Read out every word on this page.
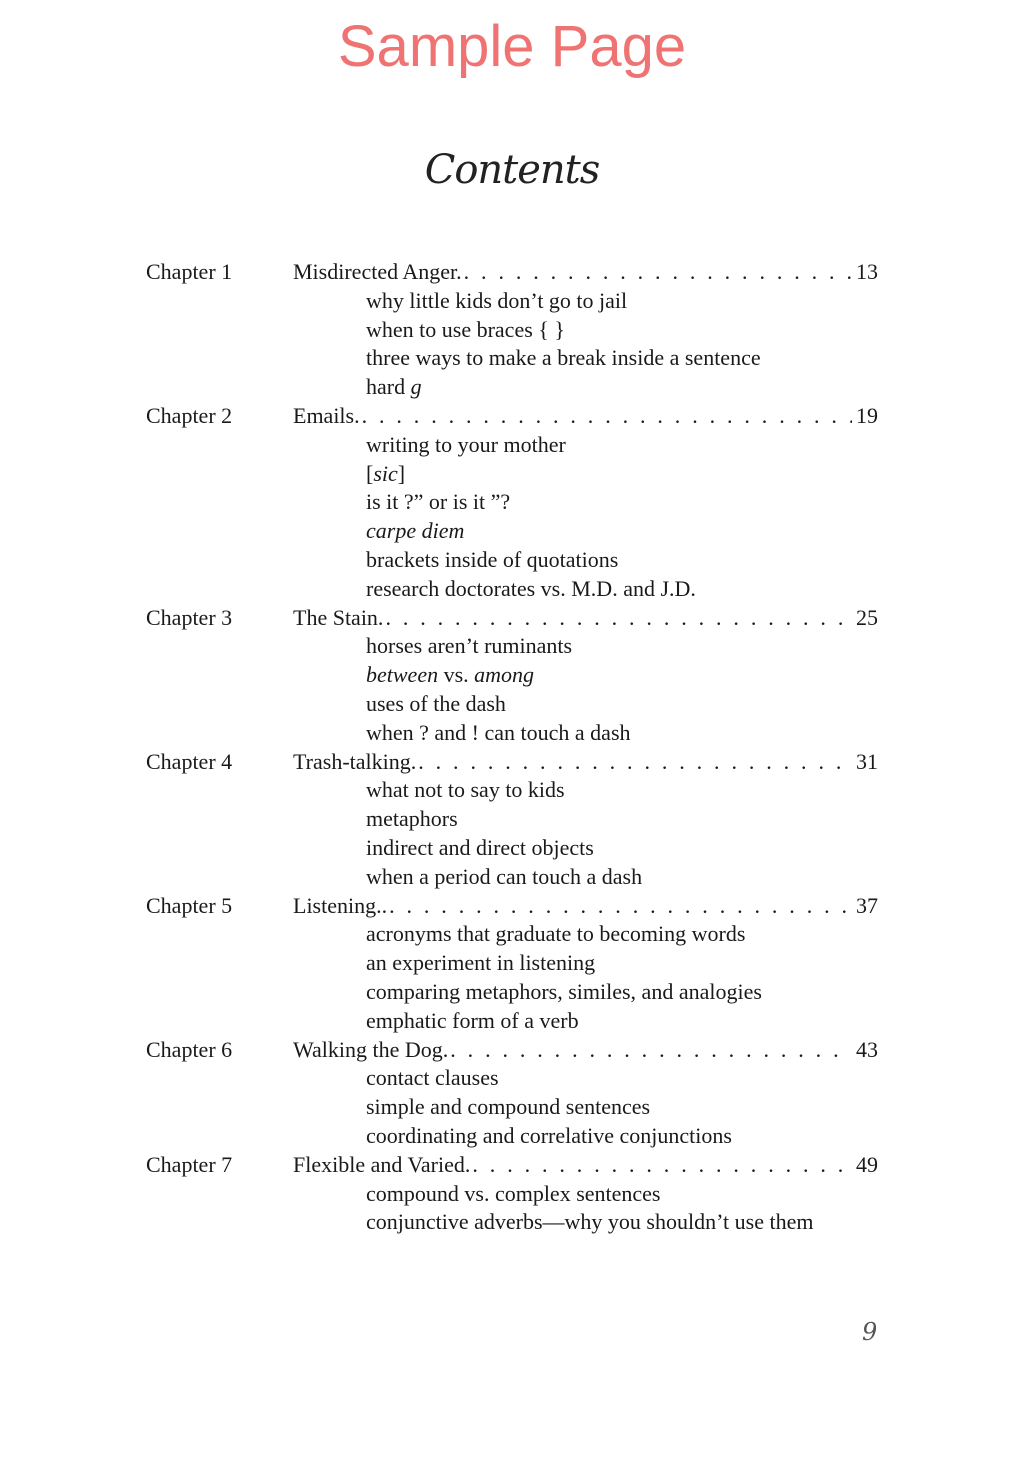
Sample Page
Contents
Chapter 1	Misdirected Anger. . . .	13
why little kids don’t go to jail
when to use braces { }
three ways to make a break inside a sentence
hard g
Chapter 2	Emails. . . .	19
writing to your mother
[sic]
is it ?” or is it ”?
carpe diem
brackets inside of quotations
research doctorates vs. M.D. and J.D.
Chapter 3	The Stain. . . .	25
horses aren’t ruminants
between vs. among
uses of the dash
when ? and ! can touch a dash
Chapter 4	Trash-talking. . . .	31
what not to say to kids
metaphors
indirect and direct objects
when a period can touch a dash
Chapter 5	Listening.. . . .	37
acronyms that graduate to becoming words
an experiment in listening
comparing metaphors, similes, and analogies
emphatic form of a verb
Chapter 6	Walking the Dog. . . .	43
contact clauses
simple and compound sentences
coordinating and correlative conjunctions
Chapter 7	Flexible and Varied. . . .	49
compound vs. complex sentences
conjunctive adverbs—why you shouldn’t use them
9
